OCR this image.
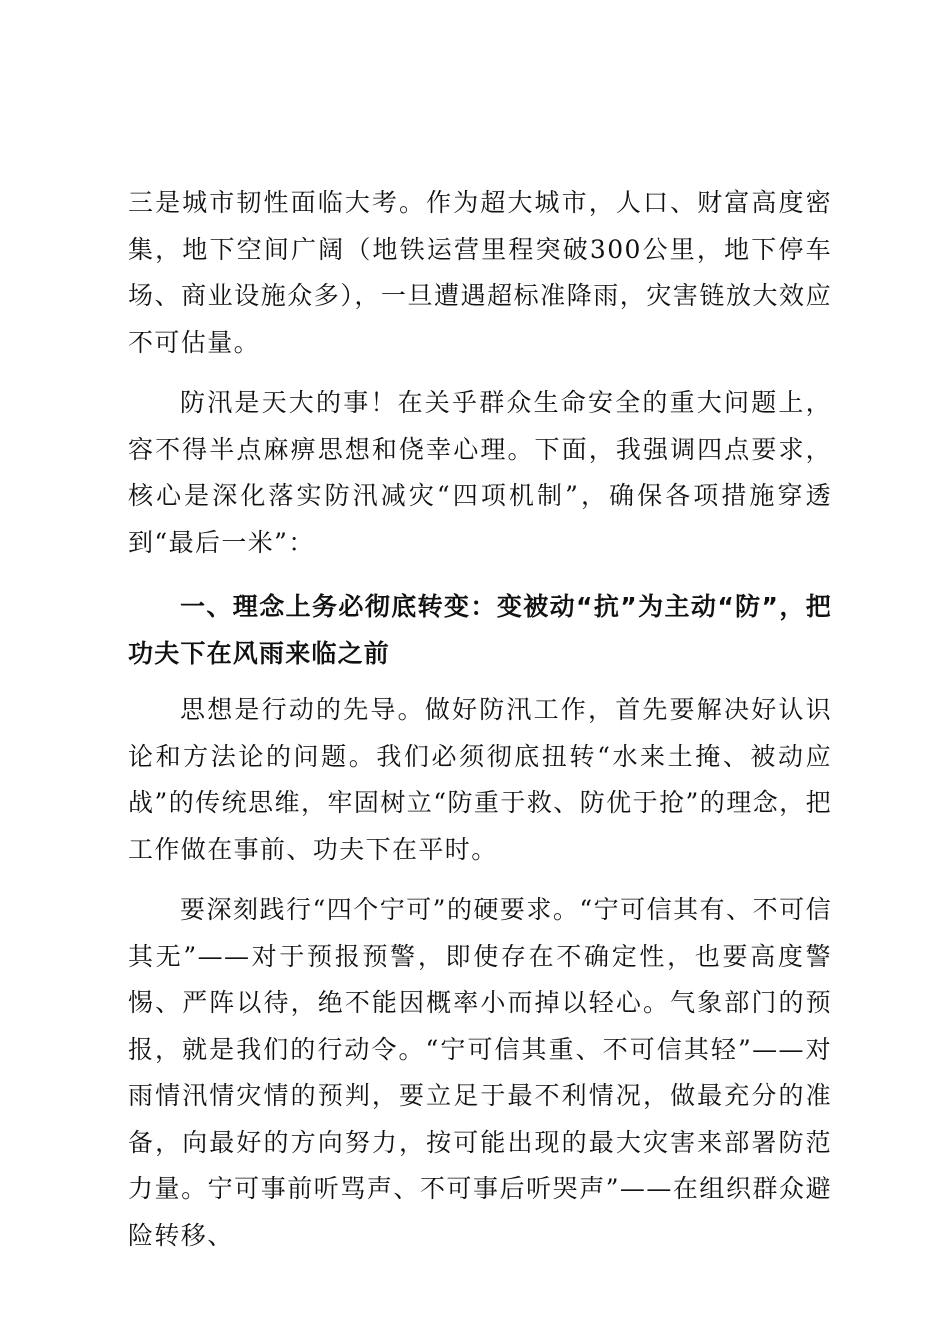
三是城市韧性面临大考。作为超大城市，人口、财富高度密集，地下空间广阔（地铁运营里程突破300公里，地下停车场、商业设施众多），一旦遭遇超标准降雨，灾害链放大效应不可估量。

防汛是天大的事！在关乎群众生命安全的重大问题上，容不得半点麻痹思想和侥幸心理。下面，我强调四点要求，核心是深化落实防汛减灾“四项机制”，确保各项措施穿透到“最后一米”：

一、理念上务必彻底转变：变被动“抗”为主动“防”，把功夫下在风雨来临之前

思想是行动的先导。做好防汛工作，首先要解决好认识论和方法论的问题。我们必须彻底扭转“水来土掩、被动应战”的传统思维，牢固树立“防重于救、防优于抢”的理念，把工作做在事前、功夫下在平时。

要深刻践行“四个宁可”的硬要求。“宁可信其有、不可信其无”——对于预报预警，即使存在不确定性，也要高度警惕、严阵以待，绝不能因概率小而掉以轻心。气象部门的预报，就是我们的行动令。“宁可信其重、不可信其轻”——对雨情汛情灾情的预判，要立足于最不利情况，做最充分的准备，向最好的方向努力，按可能出现的最大灾害来部署防范力量。宁可事前听骂声、不可事后听哭声”——在组织群众避险转移、
